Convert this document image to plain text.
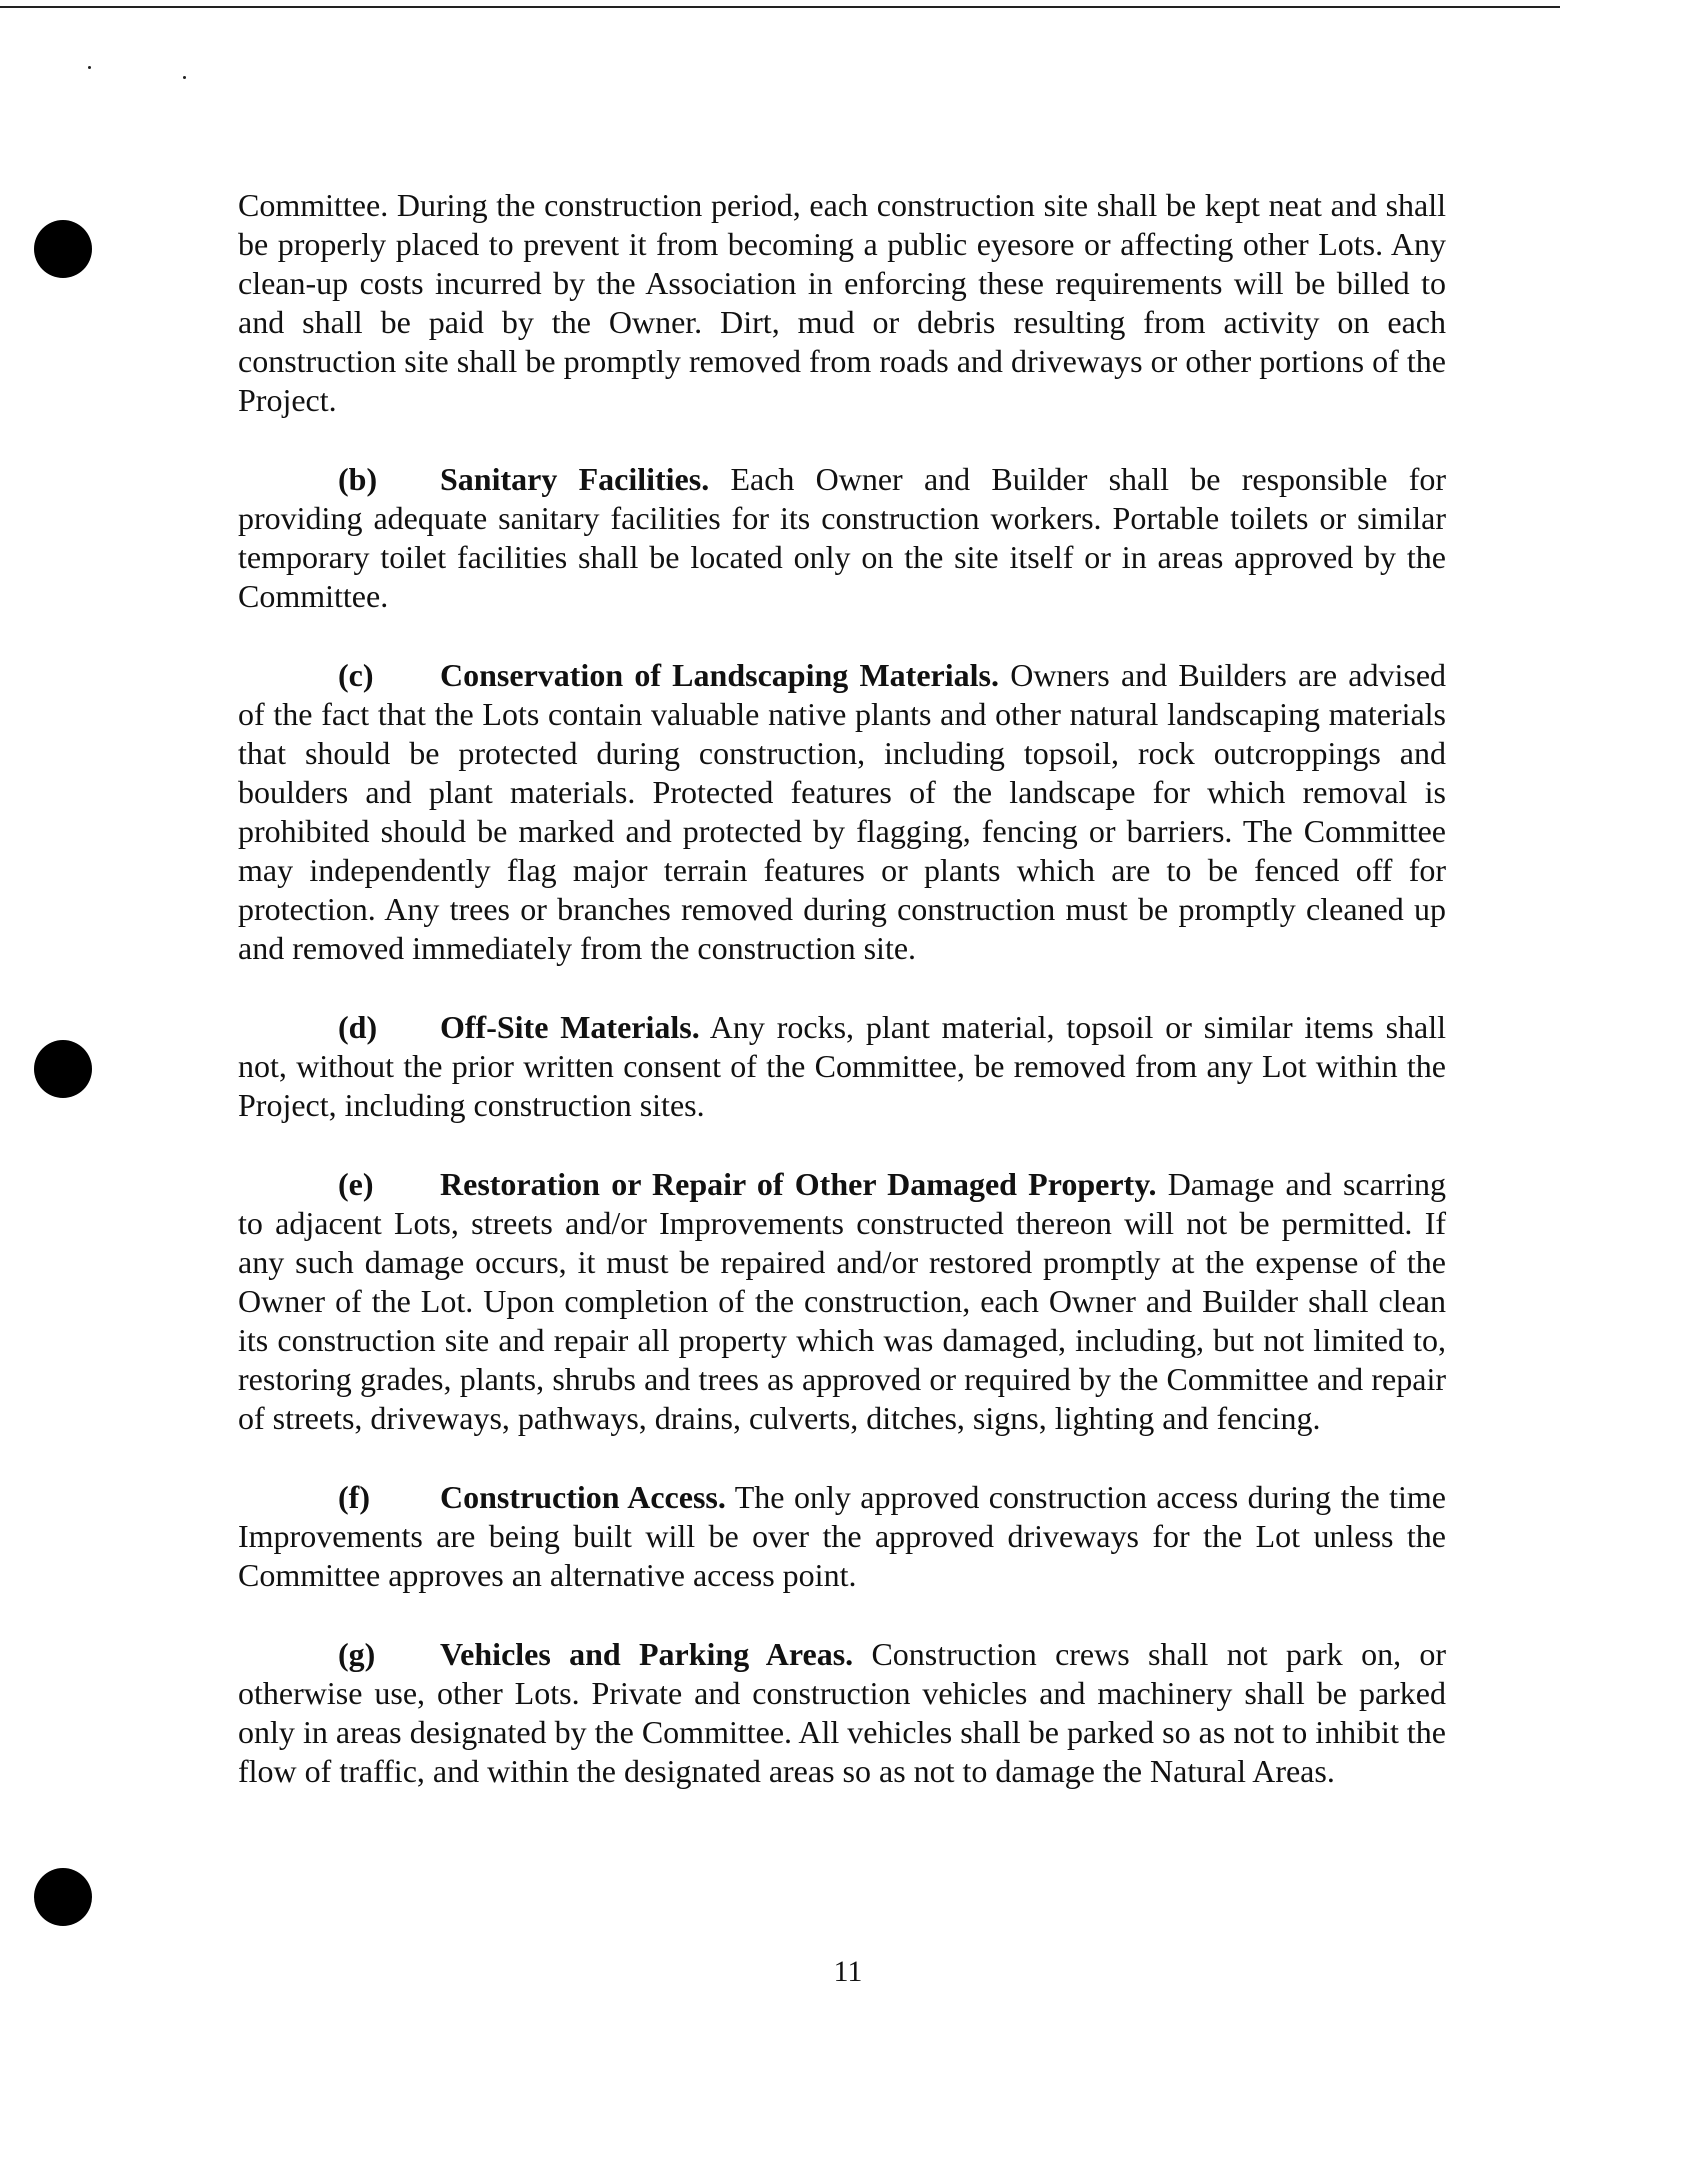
Committee. During the construction period, each construction site shall be kept neat and shall be properly placed to prevent it from becoming a public eyesore or affecting other Lots. Any clean-up costs incurred by the Association in enforcing these requirements will be billed to and shall be paid by the Owner. Dirt, mud or debris resulting from activity on each construction site shall be promptly removed from roads and driveways or other portions of the Project.

(b) Sanitary Facilities. Each Owner and Builder shall be responsible for providing adequate sanitary facilities for its construction workers. Portable toilets or similar temporary toilet facilities shall be located only on the site itself or in areas approved by the Committee.

(c) Conservation of Landscaping Materials. Owners and Builders are advised of the fact that the Lots contain valuable native plants and other natural landscaping materials that should be protected during construction, including topsoil, rock outcroppings and boulders and plant materials. Protected features of the landscape for which removal is prohibited should be marked and protected by flagging, fencing or barriers. The Committee may independently flag major terrain features or plants which are to be fenced off for protection. Any trees or branches removed during construction must be promptly cleaned up and removed immediately from the construction site.

(d) Off-Site Materials. Any rocks, plant material, topsoil or similar items shall not, without the prior written consent of the Committee, be removed from any Lot within the Project, including construction sites.

(e) Restoration or Repair of Other Damaged Property. Damage and scarring to adjacent Lots, streets and/or Improvements constructed thereon will not be permitted. If any such damage occurs, it must be repaired and/or restored promptly at the expense of the Owner of the Lot. Upon completion of the construction, each Owner and Builder shall clean its construction site and repair all property which was damaged, including, but not limited to, restoring grades, plants, shrubs and trees as approved or required by the Committee and repair of streets, driveways, pathways, drains, culverts, ditches, signs, lighting and fencing.

(f) Construction Access. The only approved construction access during the time Improvements are being built will be over the approved driveways for the Lot unless the Committee approves an alternative access point.

(g) Vehicles and Parking Areas. Construction crews shall not park on, or otherwise use, other Lots. Private and construction vehicles and machinery shall be parked only in areas designated by the Committee. All vehicles shall be parked so as not to inhibit the flow of traffic, and within the designated areas so as not to damage the Natural Areas.

11
